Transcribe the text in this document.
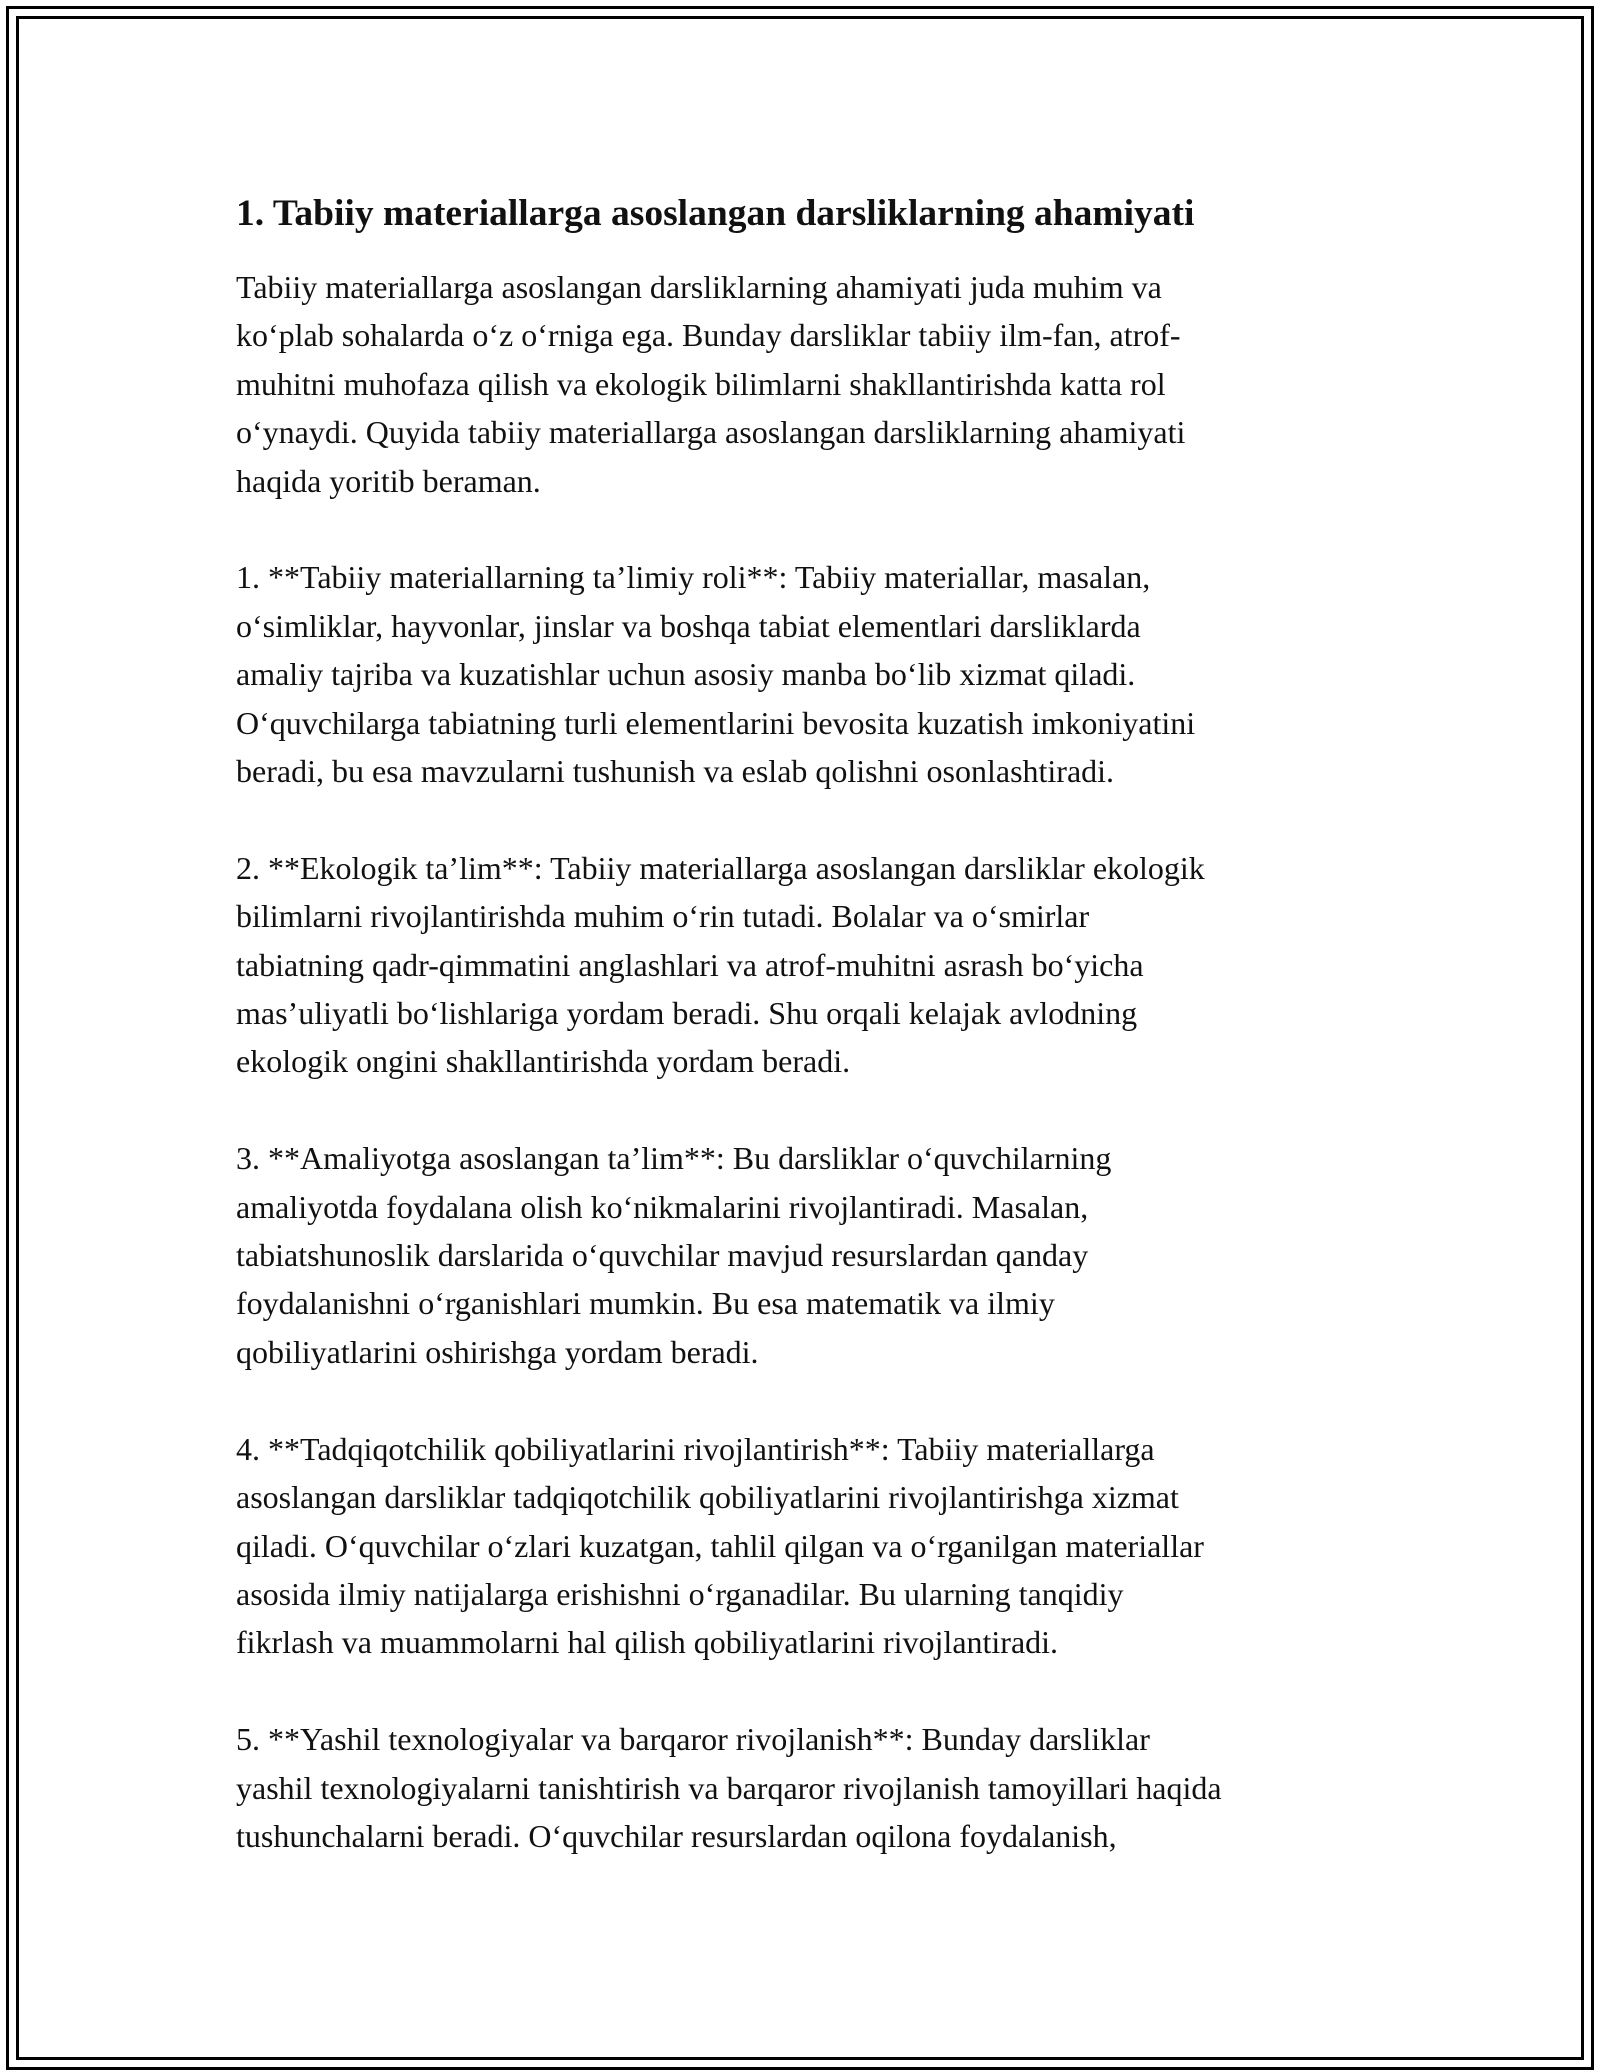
1. Tabiiy materiallarga asoslangan darsliklarning ahamiyati
Tabiiy materiallarga asoslangan darsliklarning ahamiyati juda muhim va
ko‘plab sohalarda o‘z o‘rniga ega. Bunday darsliklar tabiiy ilm-fan, atrof-
muhitni muhofaza qilish va ekologik bilimlarni shakllantirishda katta rol
o‘ynaydi. Quyida tabiiy materiallarga asoslangan darsliklarning ahamiyati
haqida yoritib beraman.
1. **Tabiiy materiallarning ta’limiy roli**: Tabiiy materiallar, masalan,
o‘simliklar, hayvonlar, jinslar va boshqa tabiat elementlari darsliklarda
amaliy tajriba va kuzatishlar uchun asosiy manba bo‘lib xizmat qiladi.
O‘quvchilarga tabiatning turli elementlarini bevosita kuzatish imkoniyatini
beradi, bu esa mavzularni tushunish va eslab qolishni osonlashtiradi.
2. **Ekologik ta’lim**: Tabiiy materiallarga asoslangan darsliklar ekologik
bilimlarni rivojlantirishda muhim o‘rin tutadi. Bolalar va o‘smirlar
tabiatning qadr-qimmatini anglashlari va atrof-muhitni asrash bo‘yicha
mas’uliyatli bo‘lishlariga yordam beradi. Shu orqali kelajak avlodning
ekologik ongini shakllantirishda yordam beradi.
3. **Amaliyotga asoslangan ta’lim**: Bu darsliklar o‘quvchilarning
amaliyotda foydalana olish ko‘nikmalarini rivojlantiradi. Masalan,
tabiatshunoslik darslarida o‘quvchilar mavjud resurslardan qanday
foydalanishni o‘rganishlari mumkin. Bu esa matematik va ilmiy
qobiliyatlarini oshirishga yordam beradi.
4. **Tadqiqotchilik qobiliyatlarini rivojlantirish**: Tabiiy materiallarga
asoslangan darsliklar tadqiqotchilik qobiliyatlarini rivojlantirishga xizmat
qiladi. O‘quvchilar o‘zlari kuzatgan, tahlil qilgan va o‘rganilgan materiallar
asosida ilmiy natijalarga erishishni o‘rganadilar. Bu ularning tanqidiy
fikrlash va muammolarni hal qilish qobiliyatlarini rivojlantiradi.
5. **Yashil texnologiyalar va barqaror rivojlanish**: Bunday darsliklar
yashil texnologiyalarni tanishtirish va barqaror rivojlanish tamoyillari haqida
tushunchalarni beradi. O‘quvchilar resurslardan oqilona foydalanish,
